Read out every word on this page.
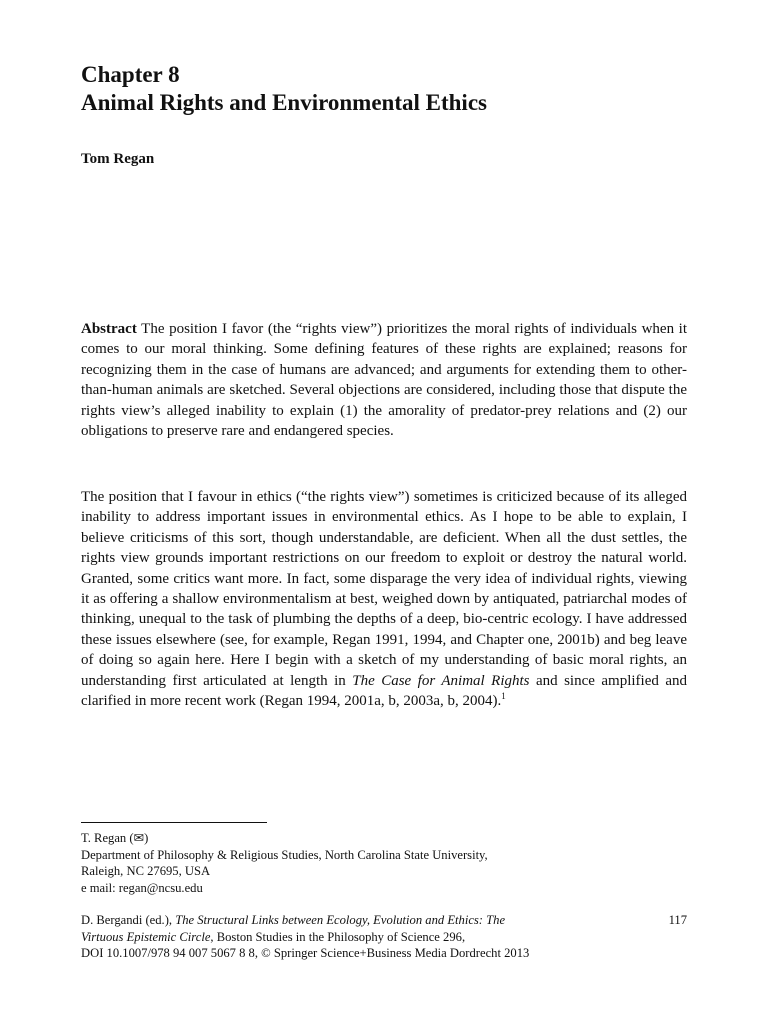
Chapter 8
Animal Rights and Environmental Ethics
Tom Regan
Abstract The position I favor (the “rights view”) prioritizes the moral rights of individuals when it comes to our moral thinking. Some defining features of these rights are explained; reasons for recognizing them in the case of humans are advanced; and arguments for extending them to other-than-human animals are sketched. Several objections are considered, including those that dispute the rights view’s alleged inability to explain (1) the amorality of predator-prey relations and (2) our obligations to preserve rare and endangered species.
The position that I favour in ethics (“the rights view”) sometimes is criticized because of its alleged inability to address important issues in environmental ethics. As I hope to be able to explain, I believe criticisms of this sort, though understandable, are deficient. When all the dust settles, the rights view grounds important restrictions on our freedom to exploit or destroy the natural world. Granted, some critics want more. In fact, some disparage the very idea of individual rights, viewing it as offering a shallow environmentalism at best, weighed down by antiquated, patriarchal modes of thinking, unequal to the task of plumbing the depths of a deep, bio-centric ecology. I have addressed these issues elsewhere (see, for example, Regan 1991, 1994, and Chapter one, 2001b) and beg leave of doing so again here. Here I begin with a sketch of my understanding of basic moral rights, an understanding first articulated at length in The Case for Animal Rights and since amplified and clarified in more recent work (Regan 1994, 2001a, b, 2003a, b, 2004).$^1$
T. Regan (✉)
Department of Philosophy & Religious Studies, North Carolina State University,
Raleigh, NC 27695, USA
e mail: regan@ncsu.edu
D. Bergandi (ed.), The Structural Links between Ecology, Evolution and Ethics: The
Virtuous Epistemic Circle, Boston Studies in the Philosophy of Science 296,
DOI 10.1007/978 94 007 5067 8 8, © Springer Science+Business Media Dordrecht 2013
117
